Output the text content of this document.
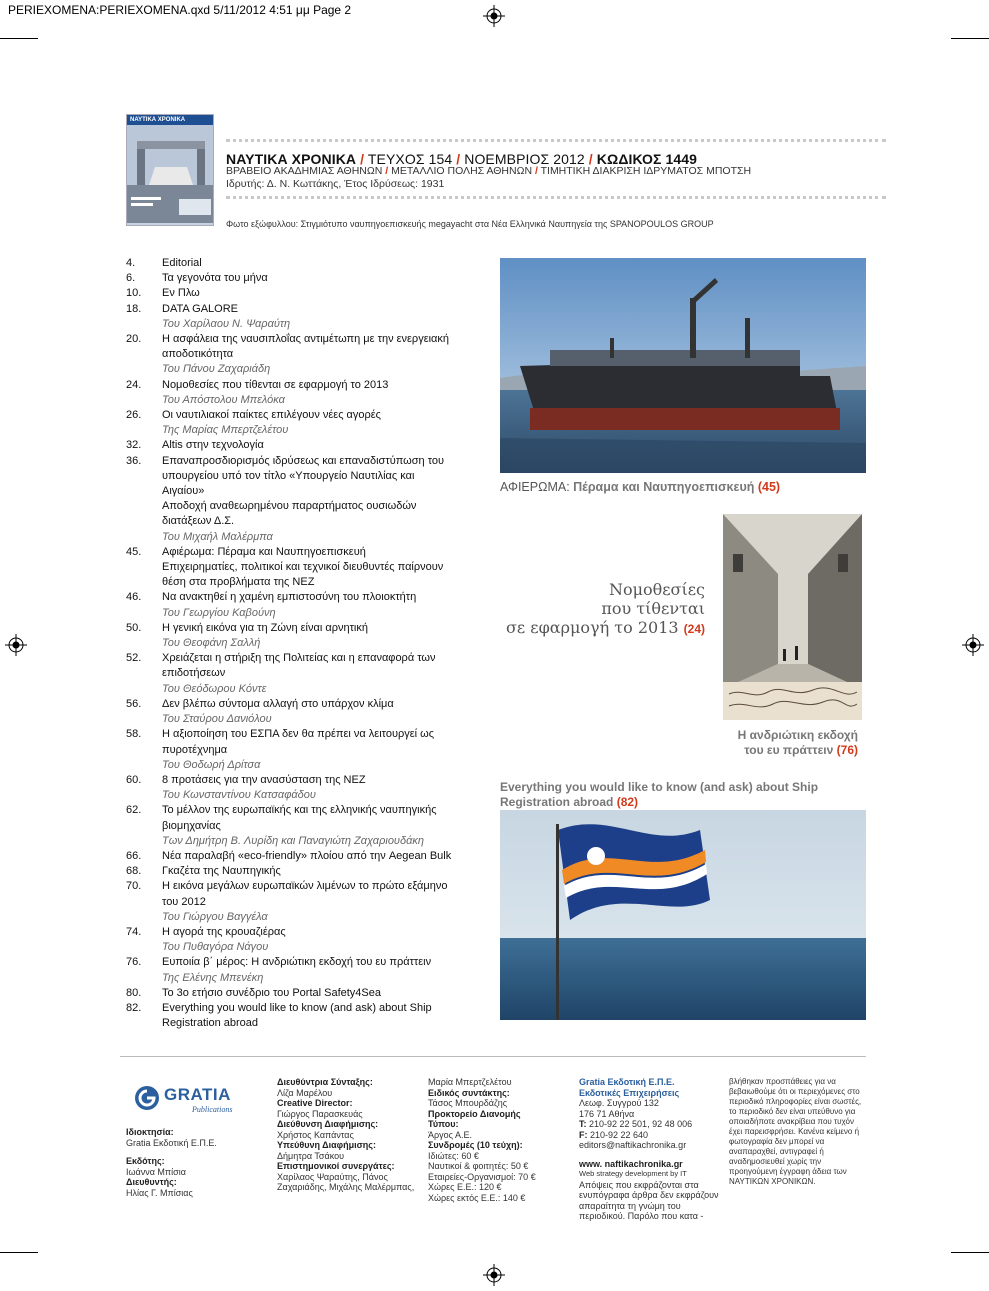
PERIEXOMENA:PERIEXOMENA.qxd 5/11/2012 4:51 μμ Page 2
ΝΑΥΤΙΚΑ ΧΡΟΝΙΚΑ
ΝΑΥΤΙΚΑ ΧΡΟΝΙΚΑ / ΤΕΥΧΟΣ 154 / ΝΟΕΜΒΡΙΟΣ 2012 / ΚΩΔΙΚΟΣ 1449
ΒΡΑΒΕΙΟ ΑΚΑΔΗΜΙΑΣ ΑΘΗΝΩΝ / ΜΕΤΑΛΛΙΟ ΠΟΛΗΣ ΑΘΗΝΩΝ / ΤΙΜΗΤΙΚΗ ΔΙΑΚΡΙΣΗ ΙΔΡΥΜΑΤΟΣ ΜΠΟΤΣΗ
Ιδρυτής: Δ. Ν. Κωττάκης, Έτος Ιδρύσεως: 1931
Φωτο εξώφυλλου: Στιγμιότυπο ναυπηγοεπισκευής megayacht στα Νέα Ελληνικά Ναυπηγεία της SPANOPOULOS GROUP
4.	Editorial
6.	Τα γεγονότα του μήνα
10.	Εν Πλω
18.	DATA GALORE
Του Χαρίλαου Ν. Ψαραύτη
20.	Η ασφάλεια της ναυσιπλοΐας αντιμέτωπη με την ενεργειακή αποδοτικότητα
Του Πάνου Ζαχαριάδη
24.	Νομοθεσίες που τίθενται σε εφαρμογή το 2013
Του Απόστολου Μπελόκα
26.	Οι ναυτιλιακοί παίκτες επιλέγουν νέες αγορές
Της Μαρίας Μπερτζελέτου
32.	Altis στην τεχνολογία
36.	Επαναπροσδιορισμός ιδρύσεως και επαναδιστύπωση του υπουργείου υπό τον τίτλο «Υπουργείο Ναυτιλίας και Αιγαίου»
Αποδοχή αναθεωρημένου παραρτήματος ουσιωδών διατάξεων Δ.Σ.
Του Μιχαήλ Μαλέρμπα
45.	Αφιέρωμα: Πέραμα και Ναυπηγοεπισκευή
Επιχειρηματίες, πολιτικοί και τεχνικοί διευθυντές παίρνουν θέση στα προβλήματα της ΝΕΖ
46.	Να ανακτηθεί η χαμένη εμπιστοσύνη του πλοιοκτήτη
Του Γεωργίου Καβούνη
50.	Η γενική εικόνα για τη Ζώνη είναι αρνητική
Του Θεοφάνη Σαλλή
52.	Χρειάζεται η στήριξη της Πολιτείας και η επαναφορά των επιδοτήσεων
Του Θεόδωρου Κόντε
56.	Δεν βλέπω σύντομα αλλαγή στο υπάρχον κλίμα
Του Σταύρου Δανιόλου
58.	Η αξιοποίηση του ΕΣΠΑ δεν θα πρέπει να λειτουργεί ως πυροτέχνημα
Του Θοδωρή Δρίτσα
60.	8 προτάσεις για την ανασύσταση της ΝΕΖ
Του Κωνσταντίνου Κατσαφάδου
62.	Το μέλλον της ευρωπαϊκής και της ελληνικής ναυπηγικής βιομηχανίας
Των Δημήτρη Β. Λυρίδη και Παναγιώτη Ζαχαριουδάκη
66.	Νέα παραλαβή «eco-friendly» πλοίου από την Aegean Bulk
68.	Γκαζέτα της Ναυπηγικής
70.	Η εικόνα μεγάλων ευρωπαϊκών λιμένων το πρώτο εξάμηνο του 2012
Του Γιώργου Βαγγέλα
74.	Η αγορά της κρουαζιέρας
Του Πυθαγόρα Νάγου
76.	Ευποιία β΄ μέρος: Η ανδριώτικη εκδοχή του ευ πράττειν
Της Ελένης Μπενέκη
80.	Το 3ο ετήσιο συνέδριο του Portal Safety4Sea
82.	Everything you would like to know (and ask) about Ship Registration abroad
ΑΦΙΕΡΩΜΑ: Πέραμα και Ναυπηγοεπισκευή (45)
Νομοθεσίες
που τίθενται
σε εφαρμογή το 2013 (24)
Η ανδριώτικη εκδοχή
του ευ πράττειν (76)
Everything you would like to know (and ask) about Ship Registration abroad (82)
GRATIA
Publications
Ιδιοκτησία:
Gratia Εκδοτική Ε.Π.Ε.
Εκδότης:
Ιωάννα Μπίσια
Διευθυντής:
Ηλίας Γ. Μπίσιας
Διευθύντρια Σύνταξης:
Λίζα Μαρέλου
Creative Director:
Γιώργος Παρασκευάς
Διεύθυνση Διαφήμισης:
Χρήστος Καπάντας
Υπεύθυνη Διαφήμισης:
Δήμητρα Τσάκου
Επιστημονικοί συνεργάτες:
Χαρίλαος Ψαραύτης, Πάνος Ζαχαριάδης, Μιχάλης Μαλέρμπας,
Μαρία Μπερτζελέτου
Ειδικός συντάκτης:
Τάσος Μπουρδάζης
Προκτορείο Διανομής
Τύπου:
Άργος Α.Ε.
Συνδρομές (10 τεύχη):
Ιδιώτες: 60 €
Ναυτικοί & φοιτητές: 50 €
Εταιρείες-Οργανισμοί: 70 €
Χώρες Ε.Ε.: 120 €
Χώρες εκτός Ε.Ε.: 140 €
Gratia Εκδοτική Ε.Π.Ε.
Εκδοτικές Επιχειρήσεις
Λεωφ. Συγγρού 132
176 71 Αθήνα
T: 210-92 22 501, 92 48 006
F: 210-92 22 640
editors@naftikachronika.gr
www. naftikachronika.gr
Web strategy development by IT
Απόψεις που εκφράζονται στα ενυπόγραφα άρθρα δεν εκφράζουν απαραίτητα τη γνώμη του περιοδικού. Παρόλο που κατα -
βλήθηκαν προσπάθειες για να βεβαιωθούμε ότι οι περιεχόμενες στο περιοδικό πληροφορίες είναι σωστές, το περιοδικό δεν είναι υπεύθυνο για οποιαδήποτε ανακρίβεια που τυχόν έχει παρεισφρήσει. Κανένα κείμενο ή φωτογραφία δεν μπορεί να αναπαραχθεί, αντιγραφεί ή αναδημοσιευθεί χωρίς την προηγούμενη έγγραφη άδεια των ΝΑΥΤΙΚΩΝ ΧΡΟΝΙΚΩΝ.
